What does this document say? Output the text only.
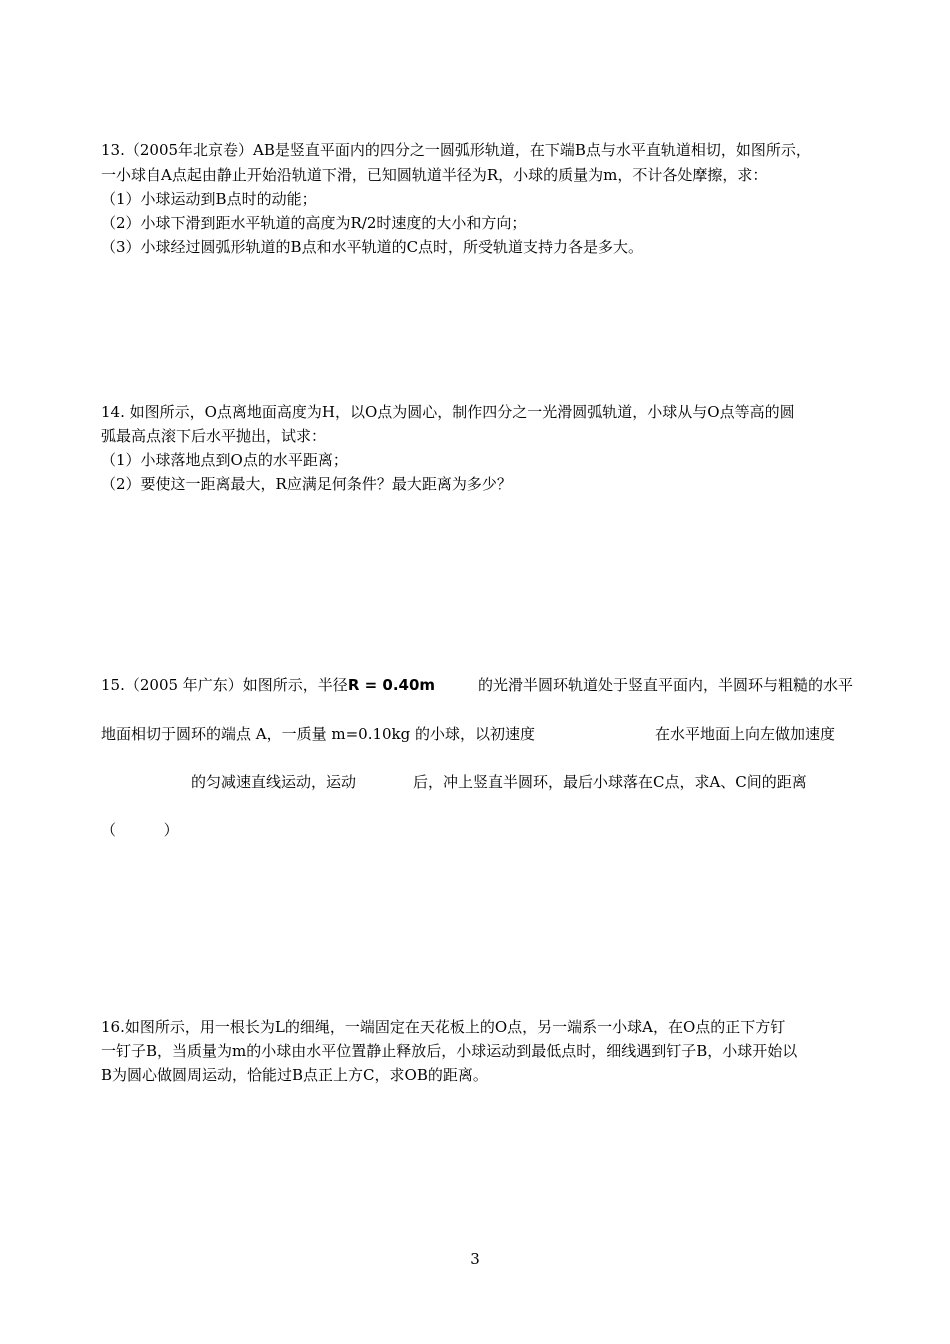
13.（2005年北京卷）AB是竖直平面内的四分之一圆弧形轨道，在下端B点与水平直轨道相切，如图所示，
一小球自A点起由静止开始沿轨道下滑，已知圆轨道半径为R，小球的质量为m，不计各处摩擦，求：
（1）小球运动到B点时的动能；
（2）小球下滑到距水平轨道的高度为R/2时速度的大小和方向；
（3）小球经过圆弧形轨道的B点和水平轨道的C点时，所受轨道支持力各是多大。
14. 如图所示，O点离地面高度为H，以O点为圆心，制作四分之一光滑圆弧轨道，小球从与O点等高的圆
弧最高点滚下后水平抛出，试求：
（1）小球落地点到O点的水平距离；
（2）要使这一距离最大，R应满足何条件？最大距离为多少？
15.（2005 年广东）如图所示，半径R = 0.40m	的光滑半圆环轨道处于竖直平面内，半圆环与粗糙的水平
地面相切于圆环的端点 A，一质量 m=0.10kg 的小球，以初速度	在水平地面上向左做加速度
的匀减速直线运动，运动	后，冲上竖直半圆环，最后小球落在C点，求A、C间的距离
（          ）
16.如图所示，用一根长为L的细绳，一端固定在天花板上的O点，另一端系一小球A，在O点的正下方钉
一钉子B，当质量为m的小球由水平位置静止释放后，小球运动到最低点时，细线遇到钉子B，小球开始以
B为圆心做圆周运动，恰能过B点正上方C，求OB的距离。
3
